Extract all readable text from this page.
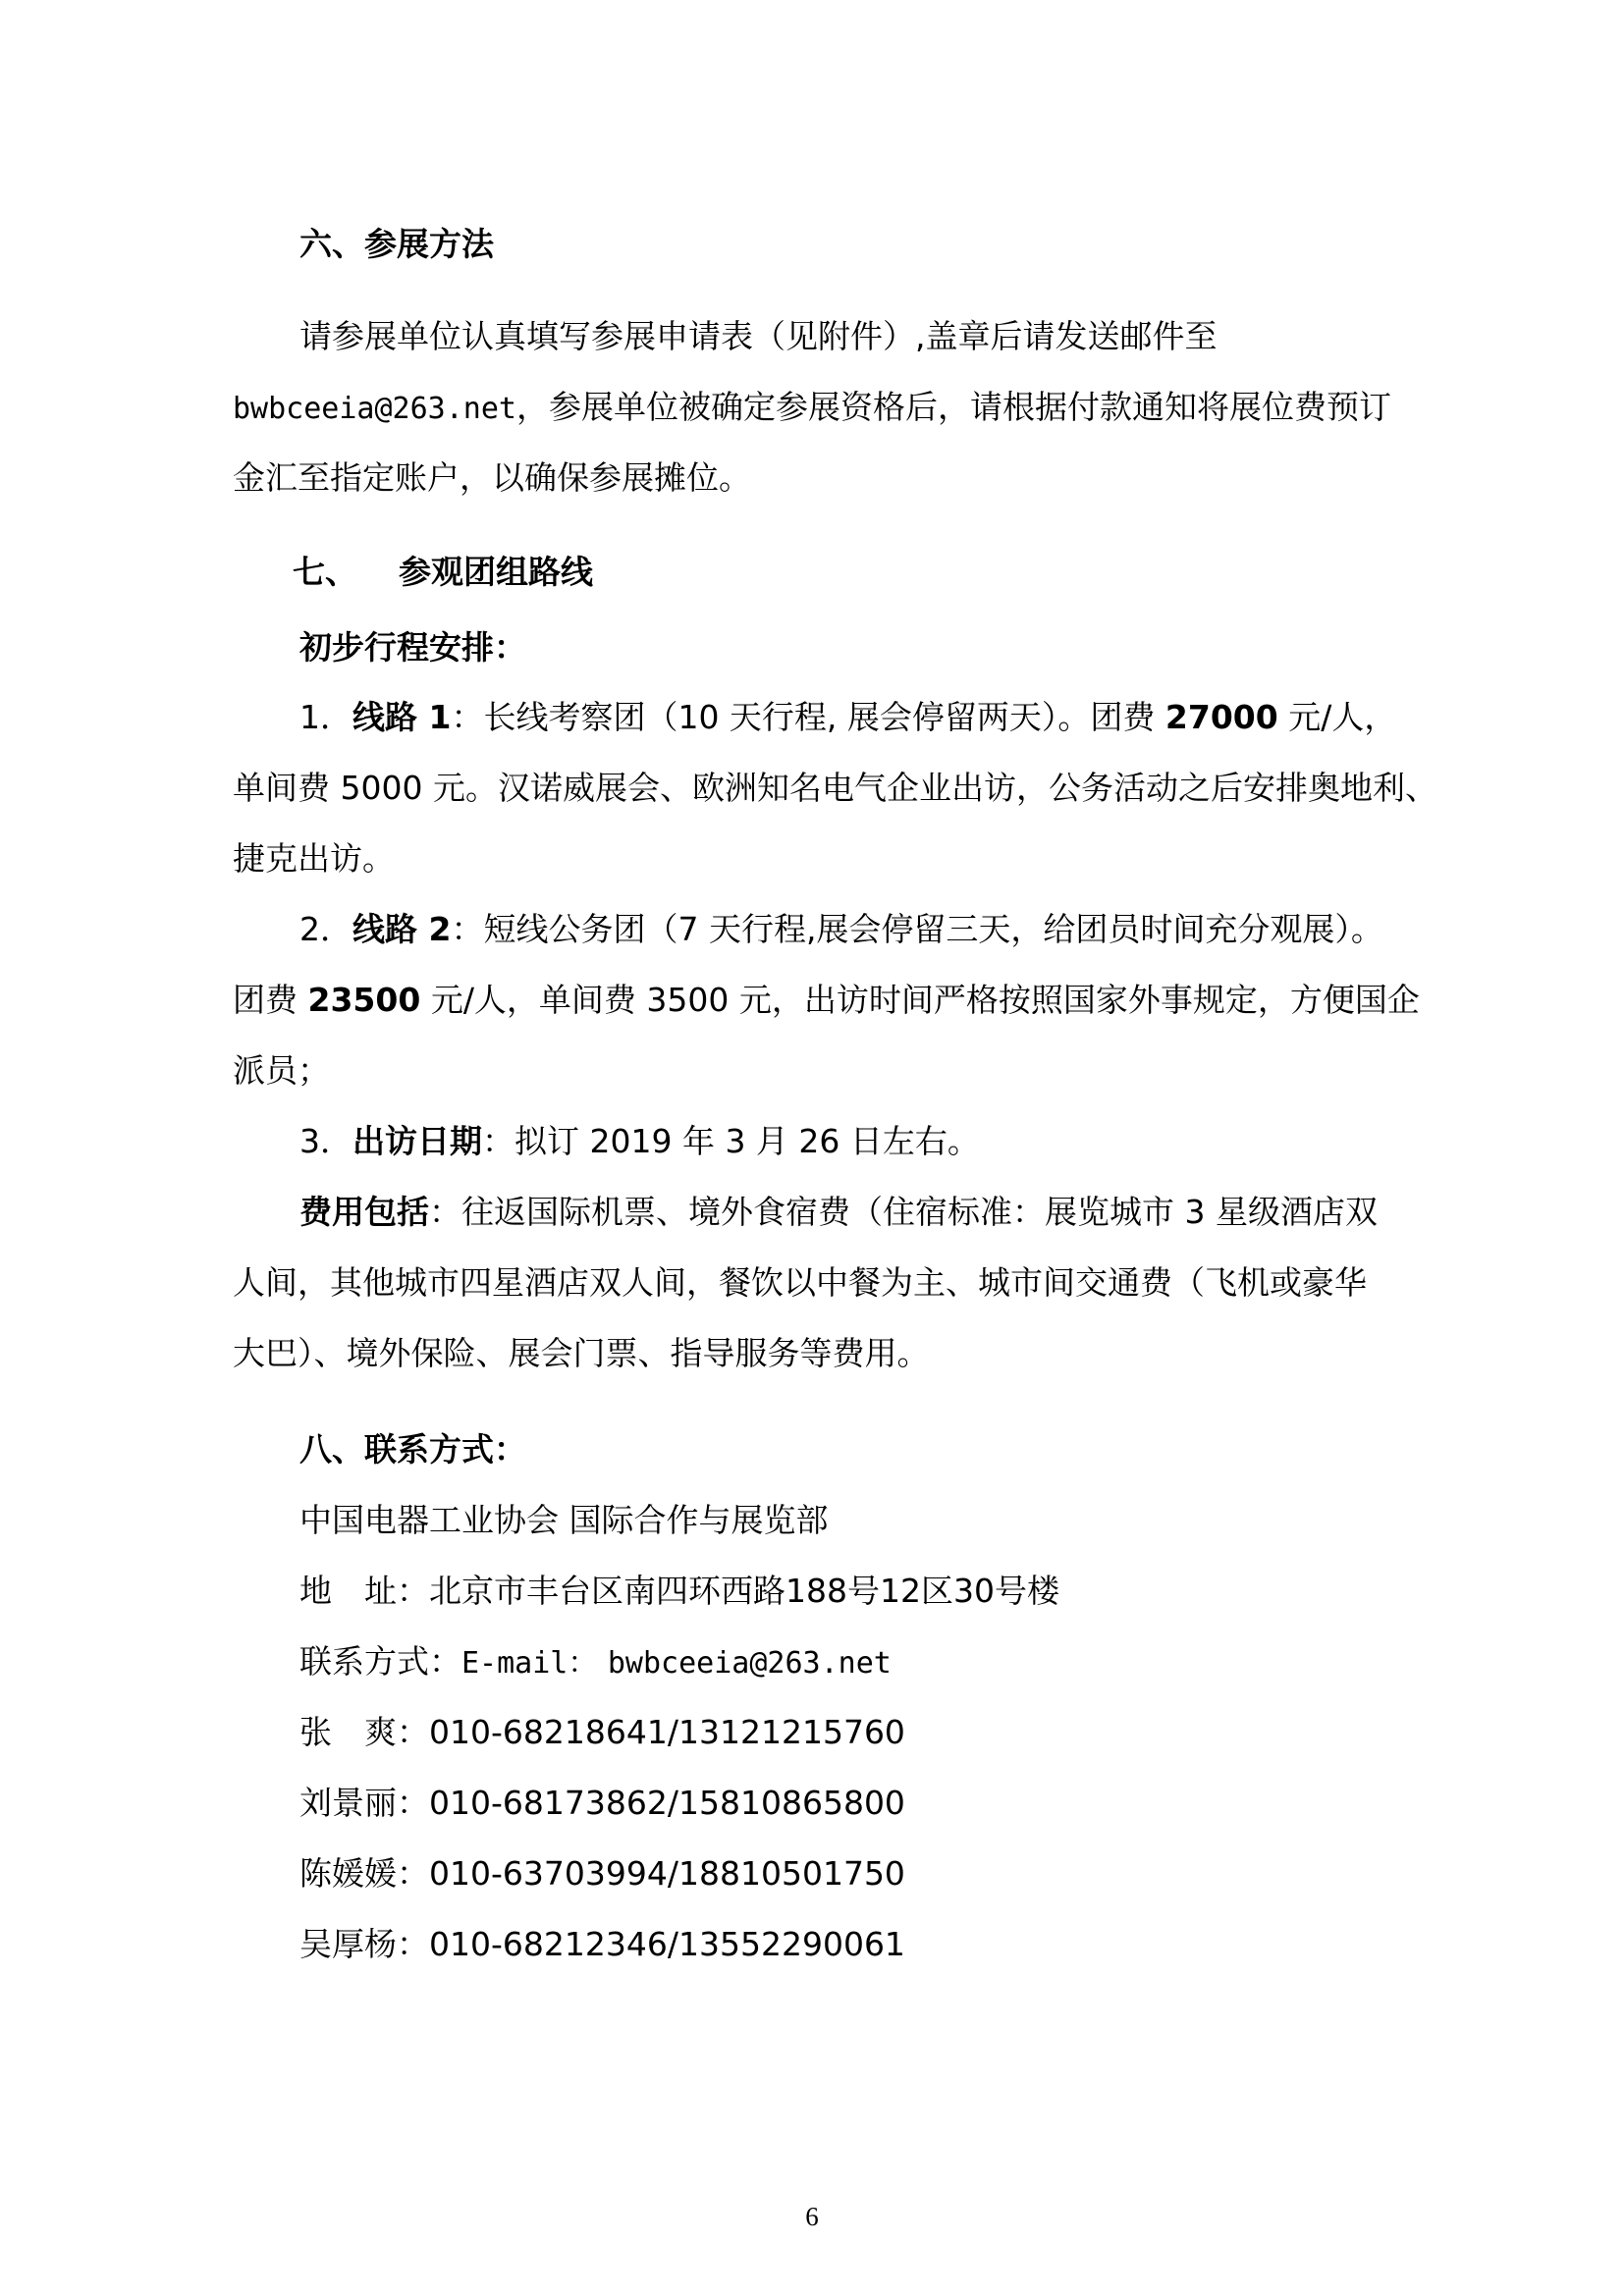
六、参展方法
请参展单位认真填写参展申请表（见附件）,盖章后请发送邮件至
bwbceeia@263.net，参展单位被确定参展资格后，请根据付款通知将展位费预订
金汇至指定账户，以确保参展摊位。
七、 参观团组路线
初步行程安排：
1．线路 1：长线考察团（10 天行程, 展会停留两天）。团费 27000 元/人，
单间费 5000 元。汉诺威展会、欧洲知名电气企业出访，公务活动之后安排奥地利、
捷克出访。
2．线路 2：短线公务团（7 天行程,展会停留三天，给团员时间充分观展）。
团费 23500 元/人，单间费 3500 元，出访时间严格按照国家外事规定，方便国企
派员；
3．出访日期：拟订 2019 年 3 月 26 日左右。
费用包括：往返国际机票、境外食宿费（住宿标准：展览城市 3 星级酒店双
人间，其他城市四星酒店双人间，餐饮以中餐为主、城市间交通费（飞机或豪华
大巴）、境外保险、展会门票、指导服务等费用。
八、联系方式：
中国电器工业协会 国际合作与展览部
地　址：北京市丰台区南四环西路188号12区30号楼
联系方式：E-mail： bwbceeia@263.net
张　爽：010-68218641/13121215760
刘景丽：010-68173862/15810865800
陈媛媛：010-63703994/18810501750
吴厚杨：010-68212346/13552290061
6
